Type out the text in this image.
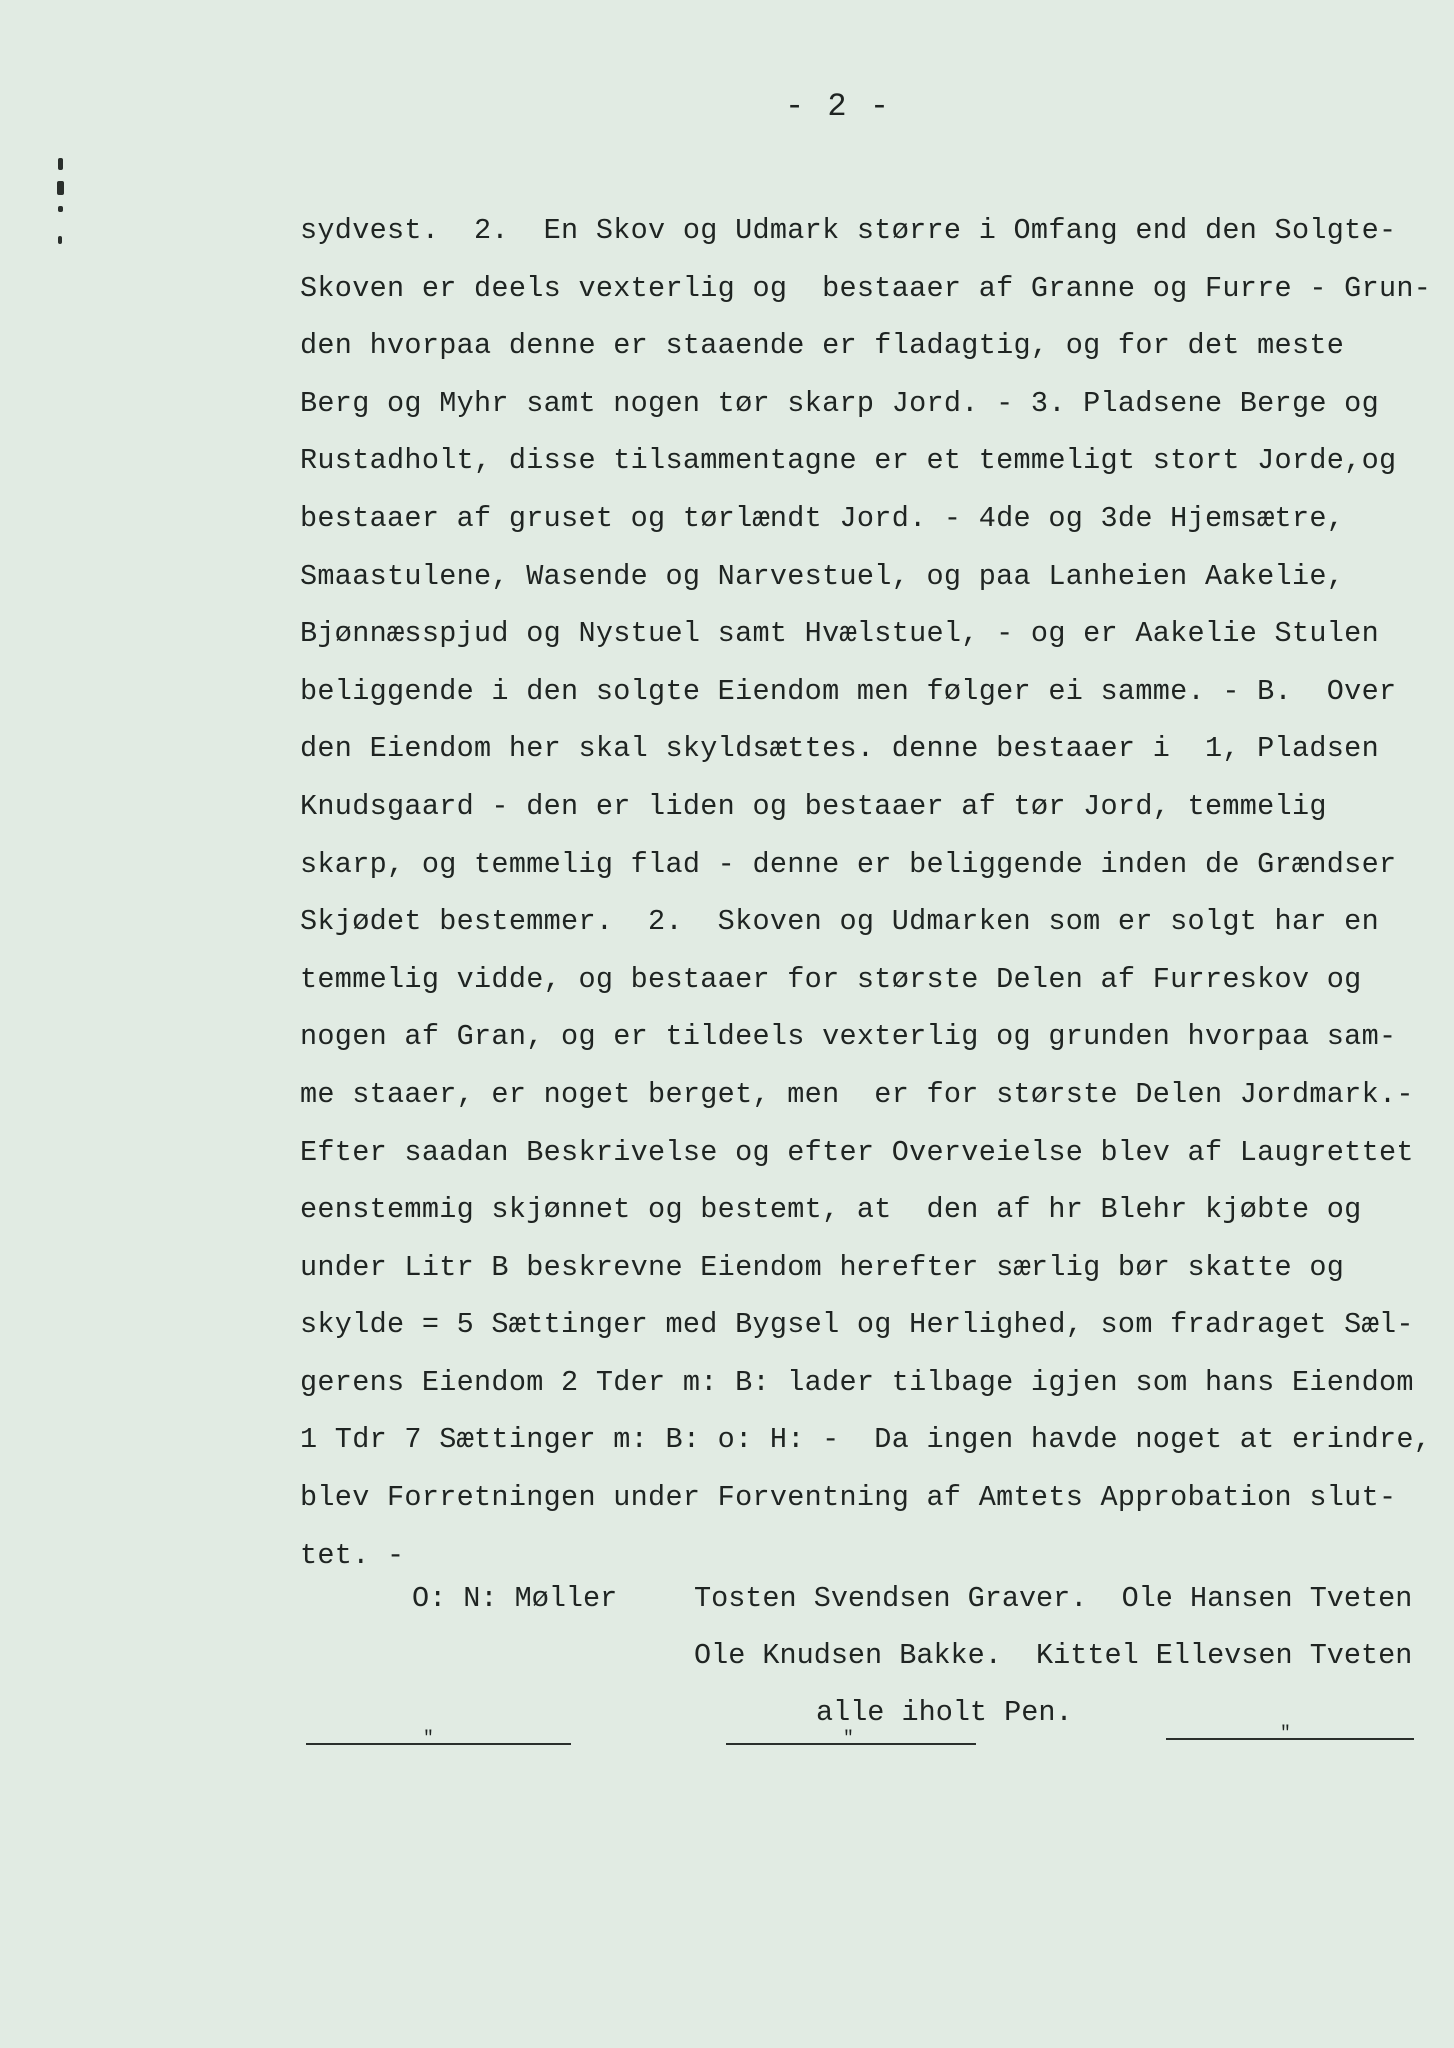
- 2 -
sydvest.  2.  En Skov og Udmark større i Omfang end den Solgte-
Skoven er deels vexterlig og  bestaaer af Granne og Furre - Grun-
den hvorpaa denne er staaende er fladagtig, og for det meste
Berg og Myhr samt nogen tør skarp Jord. - 3. Pladsene Berge og
Rustadholt, disse tilsammentagne er et temmeligt stort Jorde,og
bestaaer af gruset og tørlændt Jord. - 4de og 3de Hjemsætre,
Smaastulene, Wasende og Narvestuel, og paa Lanheien Aakelie,
Bjønnæsspjud og Nystuel samt Hvælstuel, - og er Aakelie Stulen
beliggende i den solgte Eiendom men følger ei samme. - B.  Over
den Eiendom her skal skyldsættes. denne bestaaer i  1, Pladsen
Knudsgaard - den er liden og bestaaer af tør Jord, temmelig
skarp, og temmelig flad - denne er beliggende inden de Grændser
Skjødet bestemmer.  2.  Skoven og Udmarken som er solgt har en
temmelig vidde, og bestaaer for største Delen af Furreskov og
nogen af Gran, og er tildeels vexterlig og grunden hvorpaa sam-
me staaer, er noget berget, men  er for største Delen Jordmark.-
Efter saadan Beskrivelse og efter Overveielse blev af Laugrettet
eenstemmig skjønnet og bestemt, at  den af hr Blehr kjøbte og
under Litr B beskrevne Eiendom herefter særlig bør skatte og
skylde = 5 Sættinger med Bygsel og Herlighed, som fradraget Sæl-
gerens Eiendom 2 Tder m: B: lader tilbage igjen som hans Eiendom
1 Tdr 7 Sættinger m: B: o: H: -  Da ingen havde noget at erindre,
blev Forretningen under Forventning af Amtets Approbation slut-
tet. -
O: N: Møller	Tosten Svendsen Graver.  Ole Hansen Tveten
Ole Knudsen Bakke.  Kittel Ellevsen Tveten
alle iholt Pen.
"	"	"
